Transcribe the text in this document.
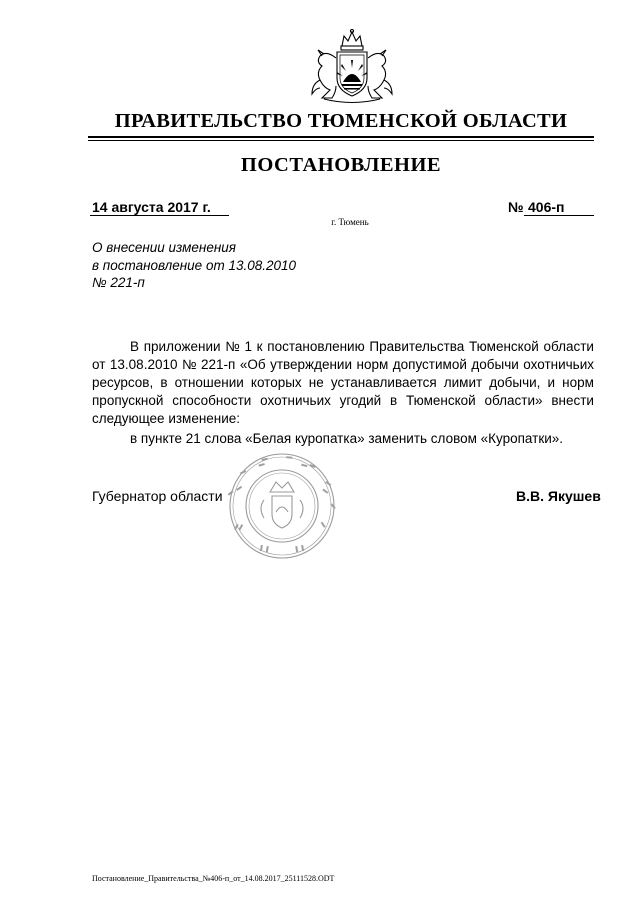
ПРАВИТЕЛЬСТВО ТЮМЕНСКОЙ ОБЛАСТИ
ПОСТАНОВЛЕНИЕ
14 августа 2017 г.	№ 406-п
г. Тюмень
О внесении изменения
в постановление от 13.08.2010
№ 221-п
В приложении № 1 к постановлению Правительства Тюменской области
от 13.08.2010 № 221-п «Об утверждении норм допустимой добычи охотничьих
ресурсов, в отношении которых не устанавливается лимит добычи, и норм
пропускной способности охотничьих угодий в Тюменской области» внести
следующее изменение:
в пункте 21 слова «Белая куропатка» заменить словом «Куропатки».
Губернатор области	В.В. Якушев
Постановление_Правительства_№406-п_от_14.08.2017_25111528.ODT
